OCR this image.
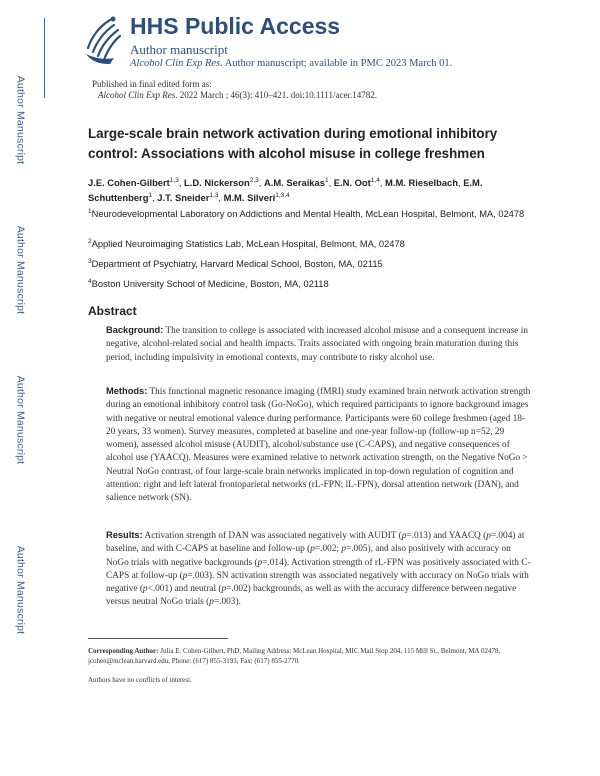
Author Manuscript
Author Manuscript
Author Manuscript
Author Manuscript
HHS Public Access
Author manuscript
Alcohol Clin Exp Res. Author manuscript; available in PMC 2023 March 01.
Published in final edited form as:
Alcohol Clin Exp Res. 2022 March ; 46(3): 410–421. doi:10.1111/acer.14782.
Large-scale brain network activation during emotional inhibitory control: Associations with alcohol misuse in college freshmen
J.E. Cohen-Gilbert$^{1,3}$, L.D. Nickerson$^{2,3}$, A.M. Seraikas$^1$, E.N. Oot$^{1,4}$, M.M. Rieselbach, E.M. Schuttenberg$^1$, J.T. Sneider$^{1,3}$, M.M. Silveri$^{1,3,4}$
$^1$Neurodevelopmental Laboratory on Addictions and Mental Health, McLean Hospital, Belmont, MA, 02478
$^2$Applied Neuroimaging Statistics Lab, McLean Hospital, Belmont, MA, 02478
$^3$Department of Psychiatry, Harvard Medical School, Boston, MA, 02115
$^4$Boston University School of Medicine, Boston, MA, 02118
Abstract
Background: The transition to college is associated with increased alcohol misuse and a consequent increase in negative, alcohol-related social and health impacts. Traits associated with ongoing brain maturation during this period, including impulsivity in emotional contexts, may contribute to risky alcohol use.
Methods: This functional magnetic resonance imaging (fMRI) study examined brain network activation strength during an emotional inhibitory control task (Go-NoGo), which required participants to ignore background images with negative or neutral emotional valence during performance. Participants were 60 college freshmen (aged 18-20 years, 33 women). Survey measures, completed at baseline and one-year follow-up (follow-up n=52, 29 women), assessed alcohol misuse (AUDIT), alcohol/substance use (C-CAPS), and negative consequences of alcohol use (YAACQ). Measures were examined relative to network activation strength, on the Negative NoGo > Neutral NoGo contrast, of four large-scale brain networks implicated in top-down regulation of cognition and attention: right and left lateral frontoparietal networks (rL-FPN; lL-FPN), dorsal attention network (DAN), and salience network (SN).
Results: Activation strength of DAN was associated negatively with AUDIT (p=.013) and YAACQ (p=.004) at baseline, and with C-CAPS at baseline and follow-up (p=.002; p=.005), and also positively with accuracy on NoGo trials with negative backgrounds (p=.014). Activation strength of rL-FPN was positively associated with C-CAPS at follow-up (p=.003). SN activation strength was associated negatively with accuracy on NoGo trials with negative (p<.001) and neutral (p=.002) backgrounds, as well as with the accuracy difference between negative versus neutral NoGo trials (p=.003).
Corresponding Author: Julia E. Cohen-Gilbert, PhD, Mailing Address: McLean Hospital, MIC Mail Stop 204, 115 Mill St., Belmont, MA 02478, jcohen@mclean.harvard.edu, Phone: (617) 855-3193, Fax: (617) 855-2770.
Authors have no conflicts of interest.
